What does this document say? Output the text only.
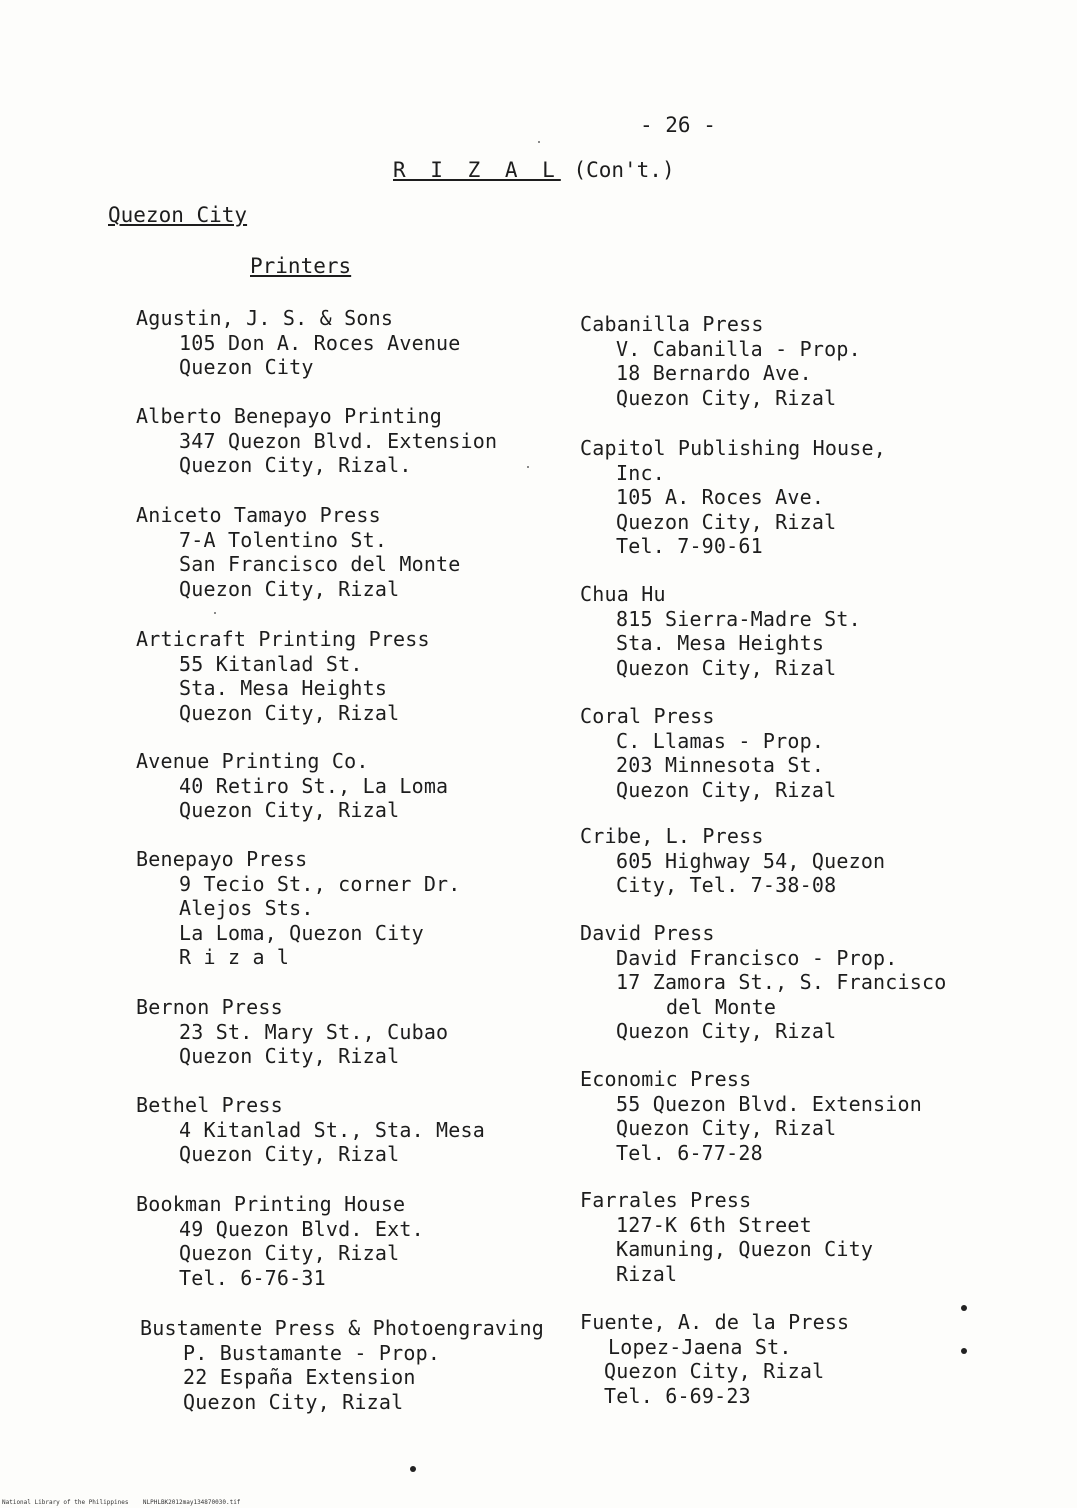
- 26 -
R I Z A L (Con't.)
Quezon City
Printers
Agustin, J. S. & Sons
105 Don A. Roces Avenue
Quezon City
Alberto Benepayo Printing
347 Quezon Blvd. Extension
Quezon City, Rizal.
Aniceto Tamayo Press
7-A Tolentino St.
San Francisco del Monte
Quezon City, Rizal
Articraft Printing Press
55 Kitanlad St.
Sta. Mesa Heights
Quezon City, Rizal
Avenue Printing Co.
40 Retiro St., La Loma
Quezon City, Rizal
Benepayo Press
9 Tecio St., corner Dr.
Alejos Sts.
La Loma, Quezon City
R i z a l
Bernon Press
23 St. Mary St., Cubao
Quezon City, Rizal
Bethel Press
4 Kitanlad St., Sta. Mesa
Quezon City, Rizal
Bookman Printing House
49 Quezon Blvd. Ext.
Quezon City, Rizal
Tel. 6-76-31
Bustamente Press & Photoengraving
P. Bustamante - Prop.
22 España Extension
Quezon City, Rizal
Cabanilla Press
V. Cabanilla - Prop.
18 Bernardo Ave.
Quezon City, Rizal
Capitol Publishing House,
Inc.
105 A. Roces Ave.
Quezon City, Rizal
Tel. 7-90-61
Chua Hu
815 Sierra-Madre St.
Sta. Mesa Heights
Quezon City, Rizal
Coral Press
C. Llamas - Prop.
203 Minnesota St.
Quezon City, Rizal
Cribe, L. Press
605 Highway 54, Quezon
City, Tel. 7-38-08
David Press
David Francisco - Prop.
17 Zamora St., S. Francisco
del Monte
Quezon City, Rizal
Economic Press
55 Quezon Blvd. Extension
Quezon City, Rizal
Tel. 6-77-28
Farrales Press
127-K 6th Street
Kamuning, Quezon City
Rizal
Fuente, A. de la Press
Lopez-Jaena St.
Quezon City, Rizal
Tel. 6-69-23
National Library of the Philippines    NLPHLBK2012may134870030.tif
